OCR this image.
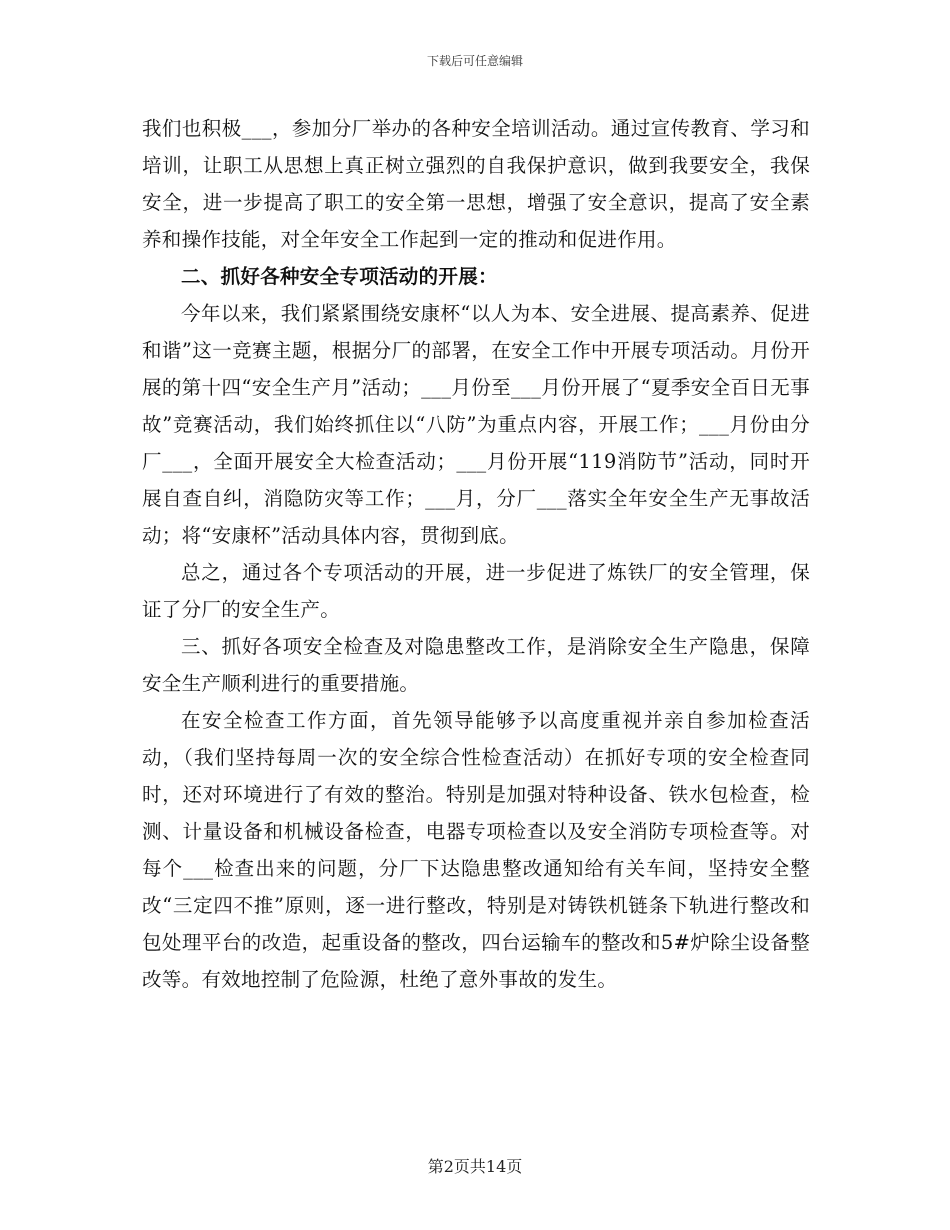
下载后可任意编辑

我们也积极___，参加分厂举办的各种安全培训活动。通过宣传教育、学习和培训，让职工从思想上真正树立强烈的自我保护意识，做到我要安全，我保安全，进一步提高了职工的安全第一思想，增强了安全意识，提高了安全素养和操作技能，对全年安全工作起到一定的推动和促进作用。

二、抓好各种安全专项活动的开展：

今年以来，我们紧紧围绕安康杯“以人为本、安全进展、提高素养、促进和谐”这一竞赛主题，根据分厂的部署，在安全工作中开展专项活动。月份开展的第十四“安全生产月”活动；___月份至___月份开展了“夏季安全百日无事故”竞赛活动，我们始终抓住以“八防”为重点内容，开展工作；___月份由分厂___，全面开展安全大检查活动；___月份开展“119消防节”活动，同时开展自查自纠，消隐防灾等工作；___月，分厂___落实全年安全生产无事故活动；将“安康杯”活动具体内容，贯彻到底。

总之，通过各个专项活动的开展，进一步促进了炼铁厂的安全管理，保证了分厂的安全生产。

三、抓好各项安全检查及对隐患整改工作，是消除安全生产隐患，保障安全生产顺利进行的重要措施。

在安全检查工作方面，首先领导能够予以高度重视并亲自参加检查活动，（我们坚持每周一次的安全综合性检查活动）在抓好专项的安全检查同时，还对环境进行了有效的整治。特别是加强对特种设备、铁水包检查，检测、计量设备和机械设备检查，电器专项检查以及安全消防专项检查等。对每个___检查出来的问题，分厂下达隐患整改通知给有关车间，坚持安全整改“三定四不推”原则，逐一进行整改，特别是对铸铁机链条下轨进行整改和包处理平台的改造，起重设备的整改，四台运输车的整改和5#炉除尘设备整改等。有效地控制了危险源，杜绝了意外事故的发生。

第2页共14页
